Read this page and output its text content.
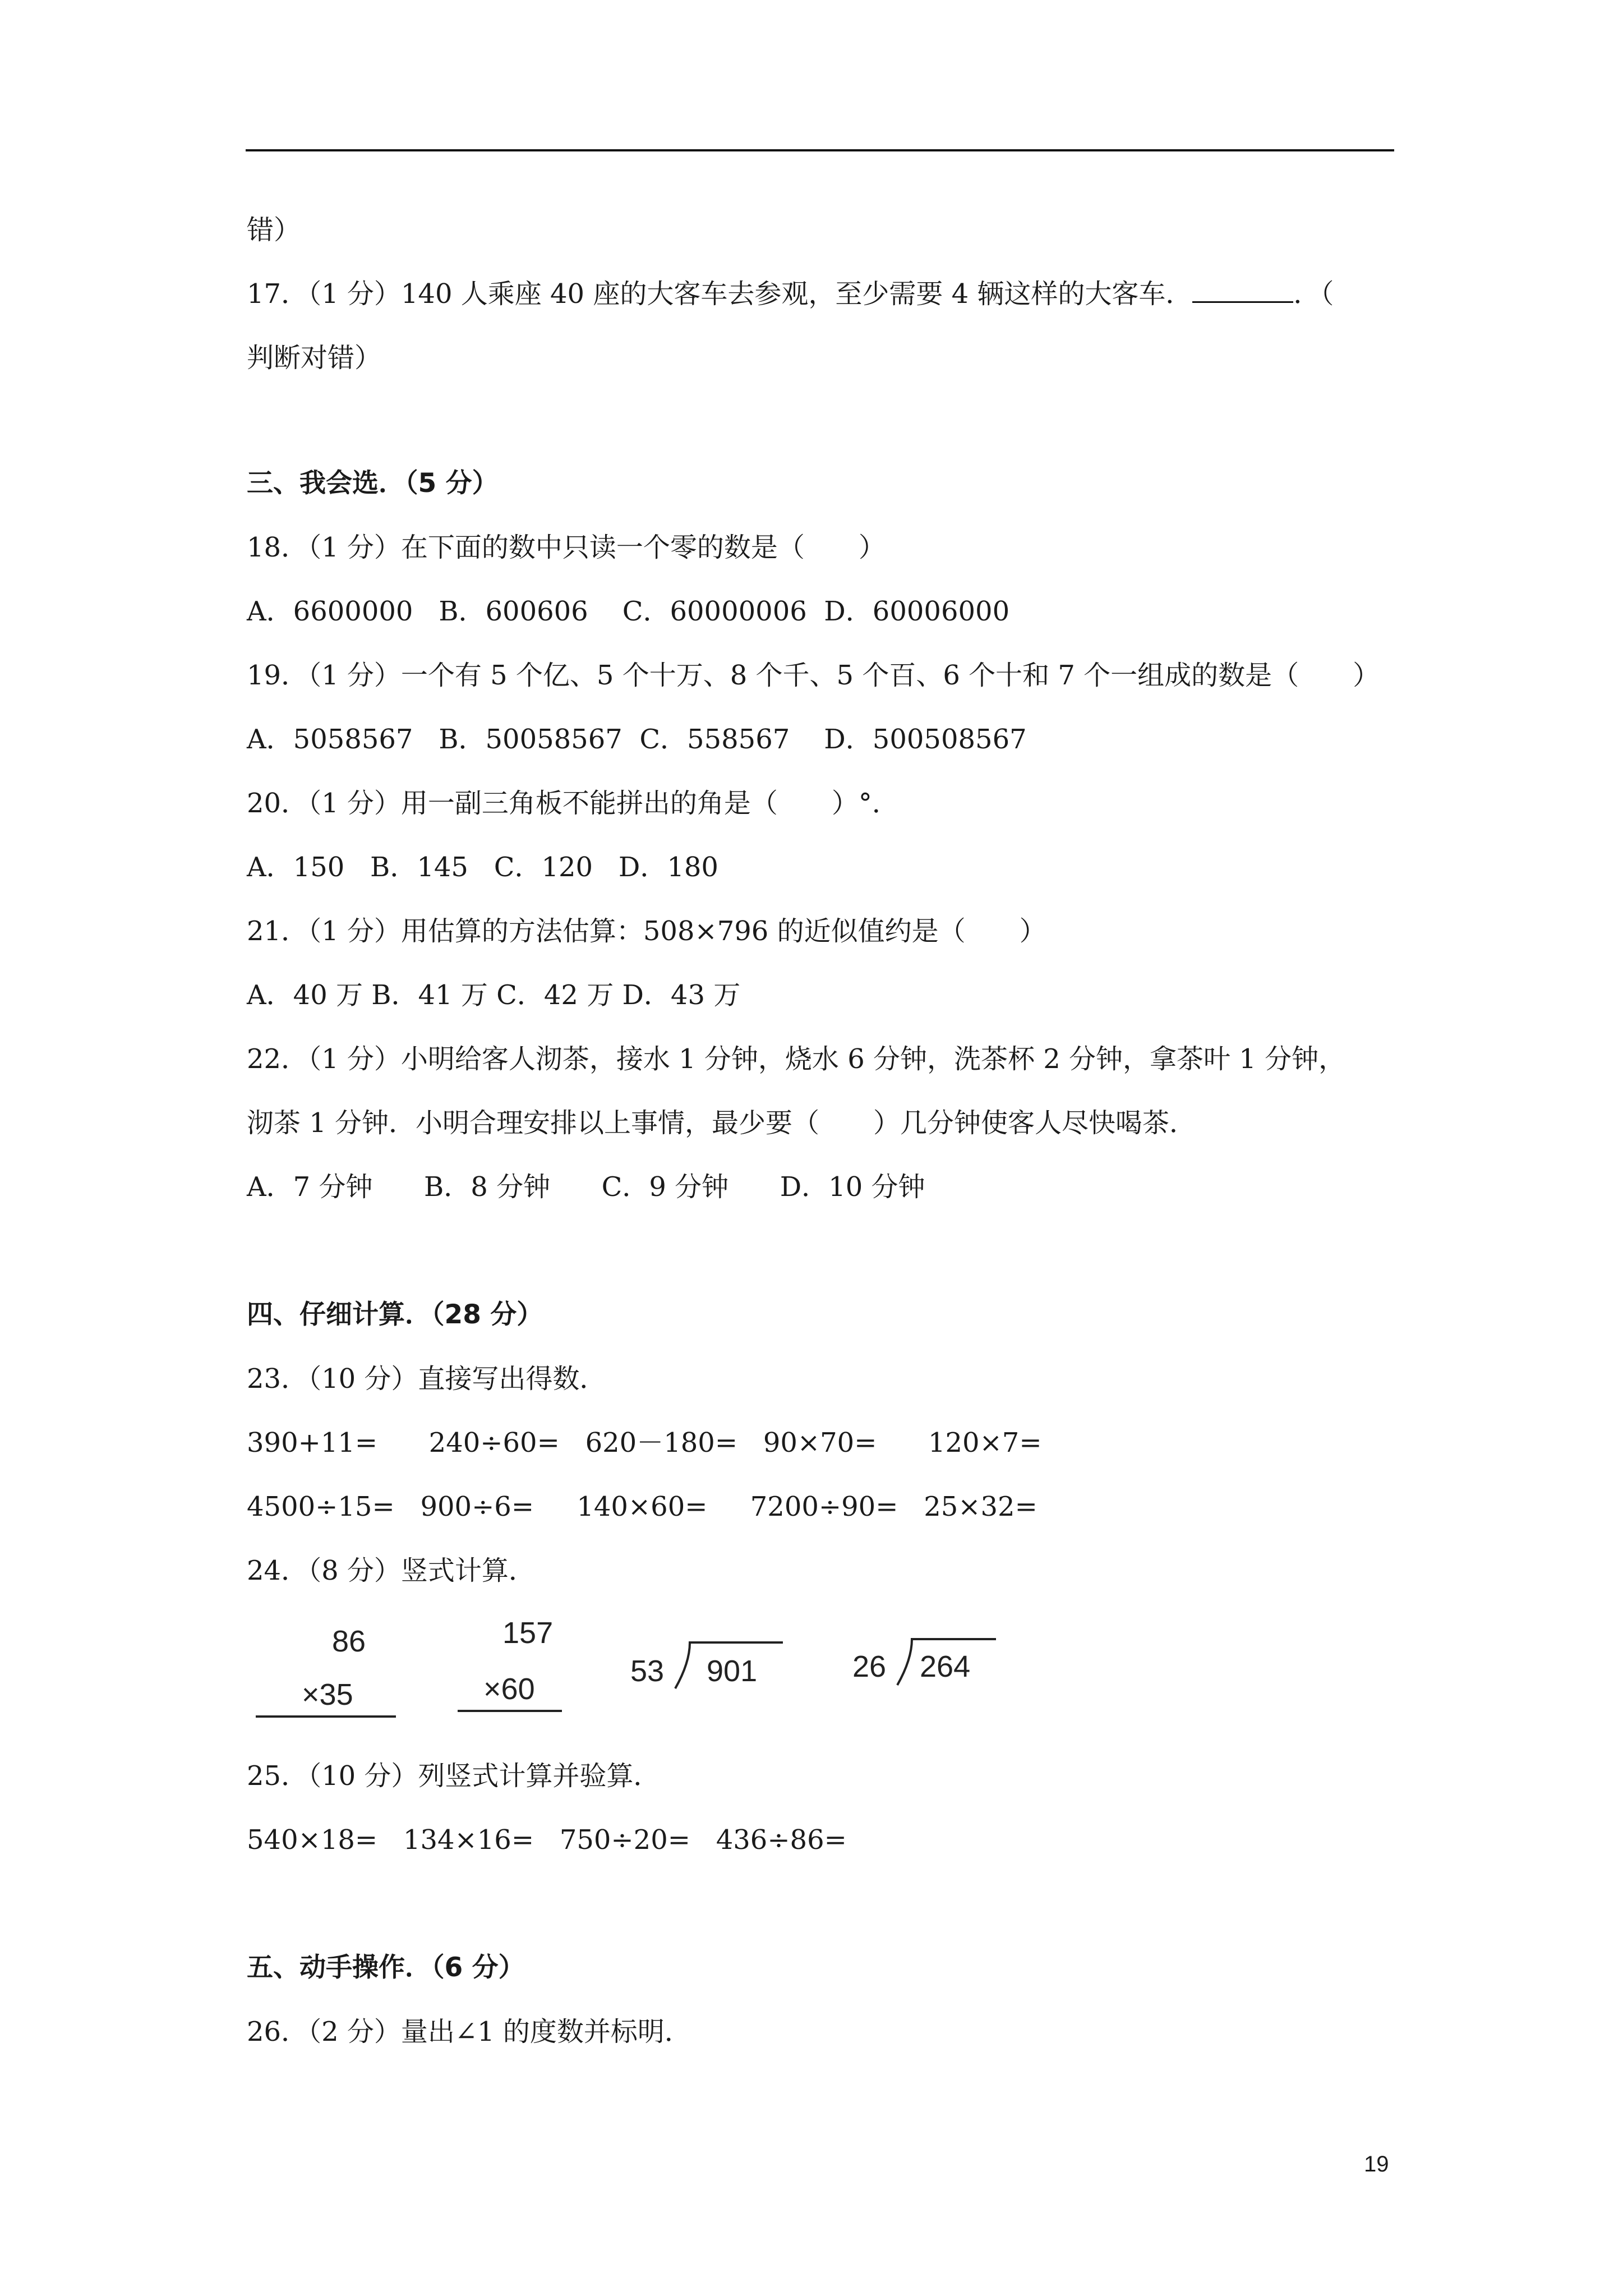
错）
17．（1 分）140 人乘座 40 座的大客车去参观，至少需要 4 辆这样的大客车．	．（
判断对错）
三、我会选．（5 分）
18．（1 分）在下面的数中只读一个零的数是（　　）
A．6600000   B．600606    C．60000006  D．60006000
19．（1 分）一个有 5 个亿、5 个十万、8 个千、5 个百、6 个十和 7 个一组成的数是（　　）
A．5058567   B．50058567  C．558567    D．500508567
20．（1 分）用一副三角板不能拼出的角是（　　）°．
A．150   B．145   C．120   D．180
21．（1 分）用估算的方法估算：508×796 的近似值约是（　　）
A．40 万 B．41 万 C．42 万 D．43 万
22．（1 分）小明给客人沏茶，接水 1 分钟，烧水 6 分钟，洗茶杯 2 分钟，拿茶叶 1 分钟，
沏茶 1 分钟．小明合理安排以上事情，最少要（　　）几分钟使客人尽快喝茶．
A．7 分钟      B．8 分钟      C．9 分钟      D．10 分钟
四、仔细计算．（28 分）
23．（10 分）直接写出得数．
390+11=      240÷60=   620－180=   90×70=      120×7=
4500÷15=   900÷6=     140×60=     7200÷90=   25×32=
24．（8 分）竖式计算．
86
×35
157
×60
53 901	26 264
25．（10 分）列竖式计算并验算．
540×18=   134×16=   750÷20=   436÷86=
五、动手操作．（6 分）
26．（2 分）量出∠1 的度数并标明．
19
